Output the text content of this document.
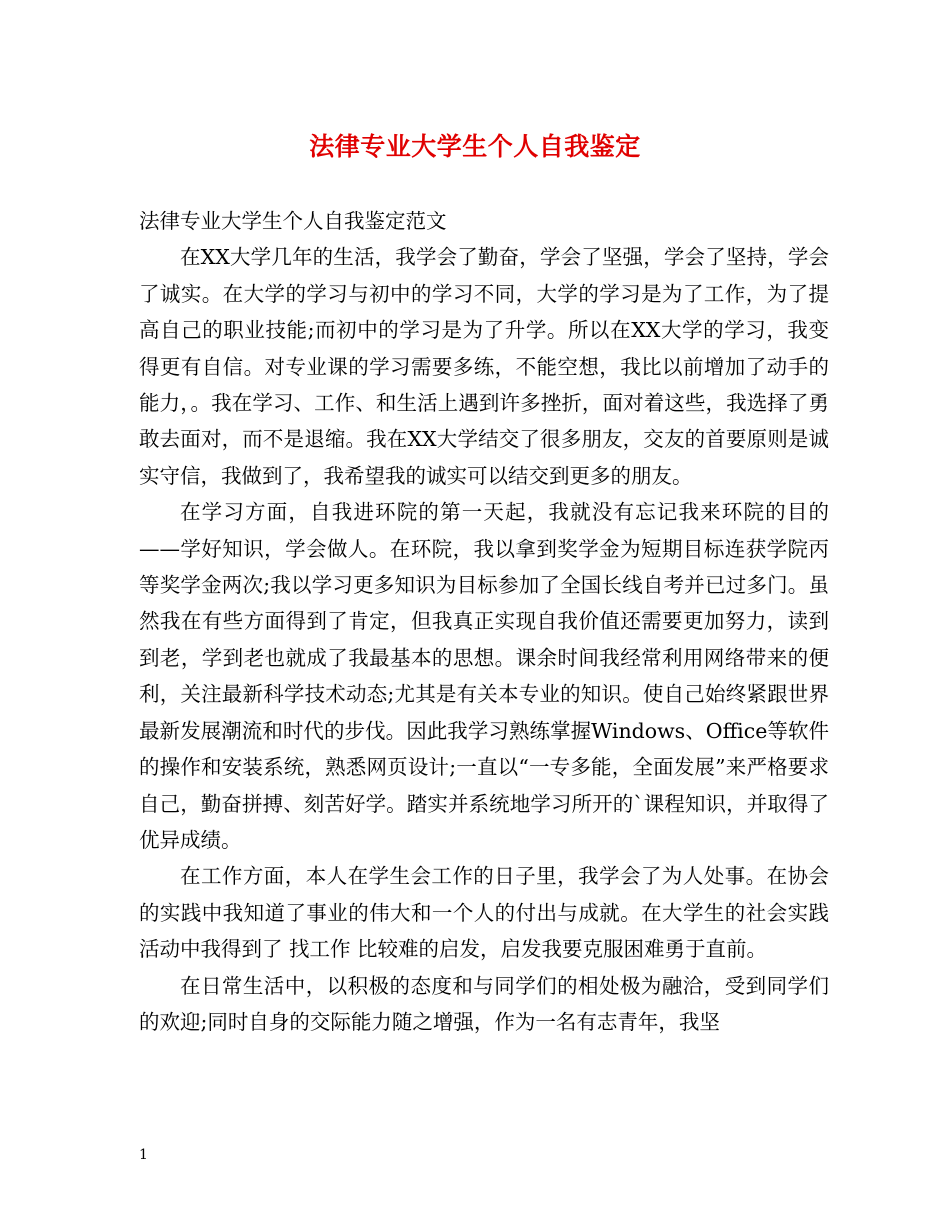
法律专业大学生个人自我鉴定

法律专业大学生个人自我鉴定范文

在XX大学几年的生活，我学会了勤奋，学会了坚强，学会了坚持，学会了诚实。在大学的学习与初中的学习不同，大学的学习是为了工作，为了提高自己的职业技能;而初中的学习是为了升学。所以在XX大学的学习，我变得更有自信。对专业课的学习需要多练，不能空想，我比以前增加了动手的能力，。我在学习、工作、和生活上遇到许多挫折，面对着这些，我选择了勇敢去面对，而不是退缩。我在XX大学结交了很多朋友，交友的首要原则是诚实守信，我做到了，我希望我的诚实可以结交到更多的朋友。

在学习方面，自我进环院的第一天起，我就没有忘记我来环院的目的——学好知识，学会做人。在环院，我以拿到奖学金为短期目标连获学院丙等奖学金两次;我以学习更多知识为目标参加了全国长线自考并已过多门。虽然我在有些方面得到了肯定，但我真正实现自我价值还需要更加努力，读到到老，学到老也就成了我最基本的思想。课余时间我经常利用网络带来的便利，关注最新科学技术动态;尤其是有关本专业的知识。使自己始终紧跟世界最新发展潮流和时代的步伐。因此我学习熟练掌握Windows、Office等软件的操作和安装系统，熟悉网页设计;一直以“一专多能，全面发展”来严格要求自己，勤奋拼搏、刻苦好学。踏实并系统地学习所开的`课程知识，并取得了优异成绩。

在工作方面，本人在学生会工作的日子里，我学会了为人处事。在协会的实践中我知道了事业的伟大和一个人的付出与成就。在大学生的社会实践活动中我得到了 找工作 比较难的启发，启发我要克服困难勇于直前。

在日常生活中，以积极的态度和与同学们的相处极为融洽，受到同学们的欢迎;同时自身的交际能力随之增强，作为一名有志青年，我坚

1
